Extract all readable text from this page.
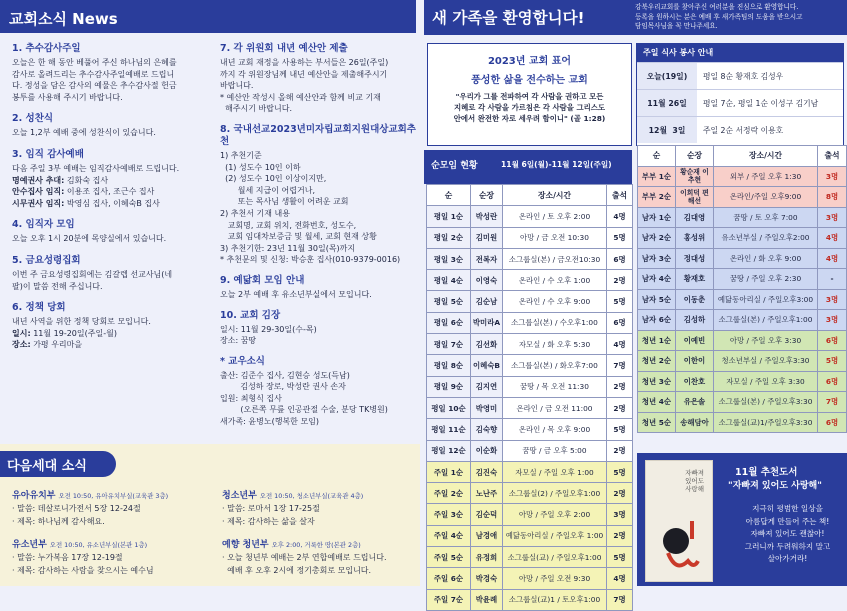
교회소식 News	새 가족을 환영합니다!
강북우리교회를 찾아주신 여러분을 진심으로 환영합니다.
등록을 원하시는 분은 예배 후 새가족팀의 도움을 받으시고
담임목사님을 꼭 만나주세요.
1. 추수감사주일
오늘은 한 해 동안 베풀어 주신 하나님의 은혜를
감사로 올려드리는 추수감사주일예배로 드립니
다. 정성을 담은 감사의 예물은 추수감사절 헌금
봉투를 사용해 주시기 바랍니다.
2. 성찬식
오늘 1,2부 예배 중에 성찬식이 있습니다.
3. 임직 감사예배
다음 주일 3부 예배는 임직감사예배로 드립니다.
명예권사 추대: 김화숙 집사
안수집사 임직: 이용조 집사, 조근수 집사
시무권사 임직: 박영심 집사, 이혜숙B 집사
4. 임직자 모임
오늘 오후 1시 20분에 목양실에서 있습니다.
5. 금요성령집회
이번 주 금요성령집회에는 김갈렙 선교사님(네
팔)이 말씀 전해 주십니다.
6. 정책 당회
내년 사역을 위한 정책 당회로 모입니다.
일시: 11월 19-20일(주일-월)
장소: 가평 우리마을
7. 각 위원회 내년 예산안 제출
내년 교회 재정을 사용하는 부서들은 26일(주일)
까지 각 위원장님께 내년 예산안을 제출해주시기
바랍니다.
* 예산안 작성시 올해 예산안과 함께 비교 기재
해주시기 바랍니다.
8. 국내선교2023년미자립교회지원대상교회추천
1) 추천기준
(1) 성도수 10인 이하
(2) 성도수 10인 이상이지만,
월세 지급이 어렵거나,
또는 목사님 생활이 어려운 교회
2) 추천서 기재 내용
교회명, 교회 위치, 전화번호, 성도수,
교회 임대차보증금 및 월세, 교회 현재 상황
3) 추천기한: 23년 11월 30일(목)까지
* 추천문의 및 신청: 박승훈 집사(010-9379-0016)
9. 예닮회 모임 안내
오늘 2부 예배 후 유소년부실에서 모입니다.
10. 교회 김장
일시: 11월 29-30일(수-목)
장소: 꿈땅
* 교우소식
출산: 김준수 집사, 김현승 성도(득남)
김성하 장로, 박성란 권사 손자
입원: 최형식 집사
(오른쪽 무릎 인공관절 수술, 분당 TK병원)
새가족: 윤병노(행복한 모임)
다음세대 소식
유아유치부 오전 10:50, 유아유치부실(교육관 3층)
· 말씀: 데살로니가전서 5장 12-24절
· 제목: 하나님께 감사해요.
청소년부 오전 10:50, 청소년부실(교육관 4층)
· 말씀: 로마서 1장 17-25절
· 제목: 감사하는 삶을 살자
유소년부 오전 10:50, 유소년부실(본관 1층)
· 말씀: 누가복음 17장 12-19절
· 제목: 감사하는 사람을 찾으시는 예수님
예향 청년부 오후 2:00, 거룩한 땅(본관 2층)
· 오늘 청년부 예배는 2부 연합예배로 드립니다.
예배 후 오후 2시에 정기총회로 모입니다.
2023년 교회 표어
풍성한 삶을 전수하는 교회
"우리가 그를 전파하여 각 사람을 권하고 모든
지혜로 각 사람을 가르침은 각 사람을 그리스도
안에서 완전한 자로 세우려 함이니" (골 1:28)
주일 식사 봉사 안내
오늘(19일)	평일 8순 황재호 김성우
11월 26일	평일 7순, 평일 1순 이성구 김기남
12월  3일	주일 2순 서정락 이용호
순모임 현황	11월 6일(월)-11월 12일(주일)
순	순장	장소/시간	출석
평일 1순	박성란	온라인 / 토 오후 2:00	4명
평일 2순	김미원	아망 / 금 오전 10:30	5명
평일 3순	전복자	소그룹실(본) / 금오전10:30	6명
평일 4순	이영숙	온라인 / 수 오후 1:00	2명
평일 5순	김순남	온라인 / 수 오후 9:00	5명
평일 6순	박미라A	소그룹실(본) / 수오후1:00	6명
평일 7순	김선화	자모실 / 화 오후 5:30	4명
평일 8순	이혜숙B	소그룹실(본) / 화오후7:00	7명
평일 9순	김지연	꿈땅 / 목 오전 11:30	2명
평일 10순	박영미	온라인 / 금 오전 11:00	2명
평일 11순	김숙향	온라인 / 목 오후 9:00	5명
평일 12순	이순화	꿈땅 / 금 오후 5:00	2명
주일 1순	김진숙	자모실 / 주일 오후 1:00	5명
주일 2순	노난주	소그룹실(2) / 주일오후1:00	2명
주일 3순	김순덕	아망 / 주일 오후 2:00	3명
주일 4순	남경애	예닮동아리실 / 주일오후 1:00	2명
주일 5순	유정희	소그룹실(교) / 주일오후1:00	5명
주일 6순	박경숙	아망 / 주일 오전 9:30	4명
주일 7순	박윤례	소그룹실(교)1 / 토오후1:00	7명
순	순장	장소/시간	출석
부부 1순	황순재 이추현	외부 / 주일 오후 1:30	3명
부부 2순	이희덕 편해선	온라인/주일 오후9:00	8명
남자 1순	김대영	꿈땅 / 토 오후 7:00	3명
남자 2순	홍성위	유소년부실 / 주일오후2:00	4명
남자 3순	정대성	온라인 / 화 오후 9:00	4명
남자 4순	황재호	꿈땅 / 주일 오후 2:30	-
남자 5순	이동춘	예닮동아리실 / 주일오후3:00	3명
남자 6순	김성하	소그룹실(본) / 주일오후1:00	3명
청년 1순	이예빈	아망 / 주일 오후 3:30	6명
청년 2순	이한이	청소년부실 / 주일오후3:30	5명
청년 3순	이찬호	자모실 / 주일 오후 3:30	6명
청년 4순	유은솔	소그룹실(본) / 주일오후3:30	7명
청년 5순	송해담아	소그룹실(교)1/주일오후3:30	6명
자빠져
있어도
사랑해
11월 추천도서
"자빠져 있어도 사랑해"
지극히 평범한 일상을
아름답게 만들어 주는 책!
자빠져 있어도 괜찮아!
그러니까 두려워하지 말고
살아가거라!
